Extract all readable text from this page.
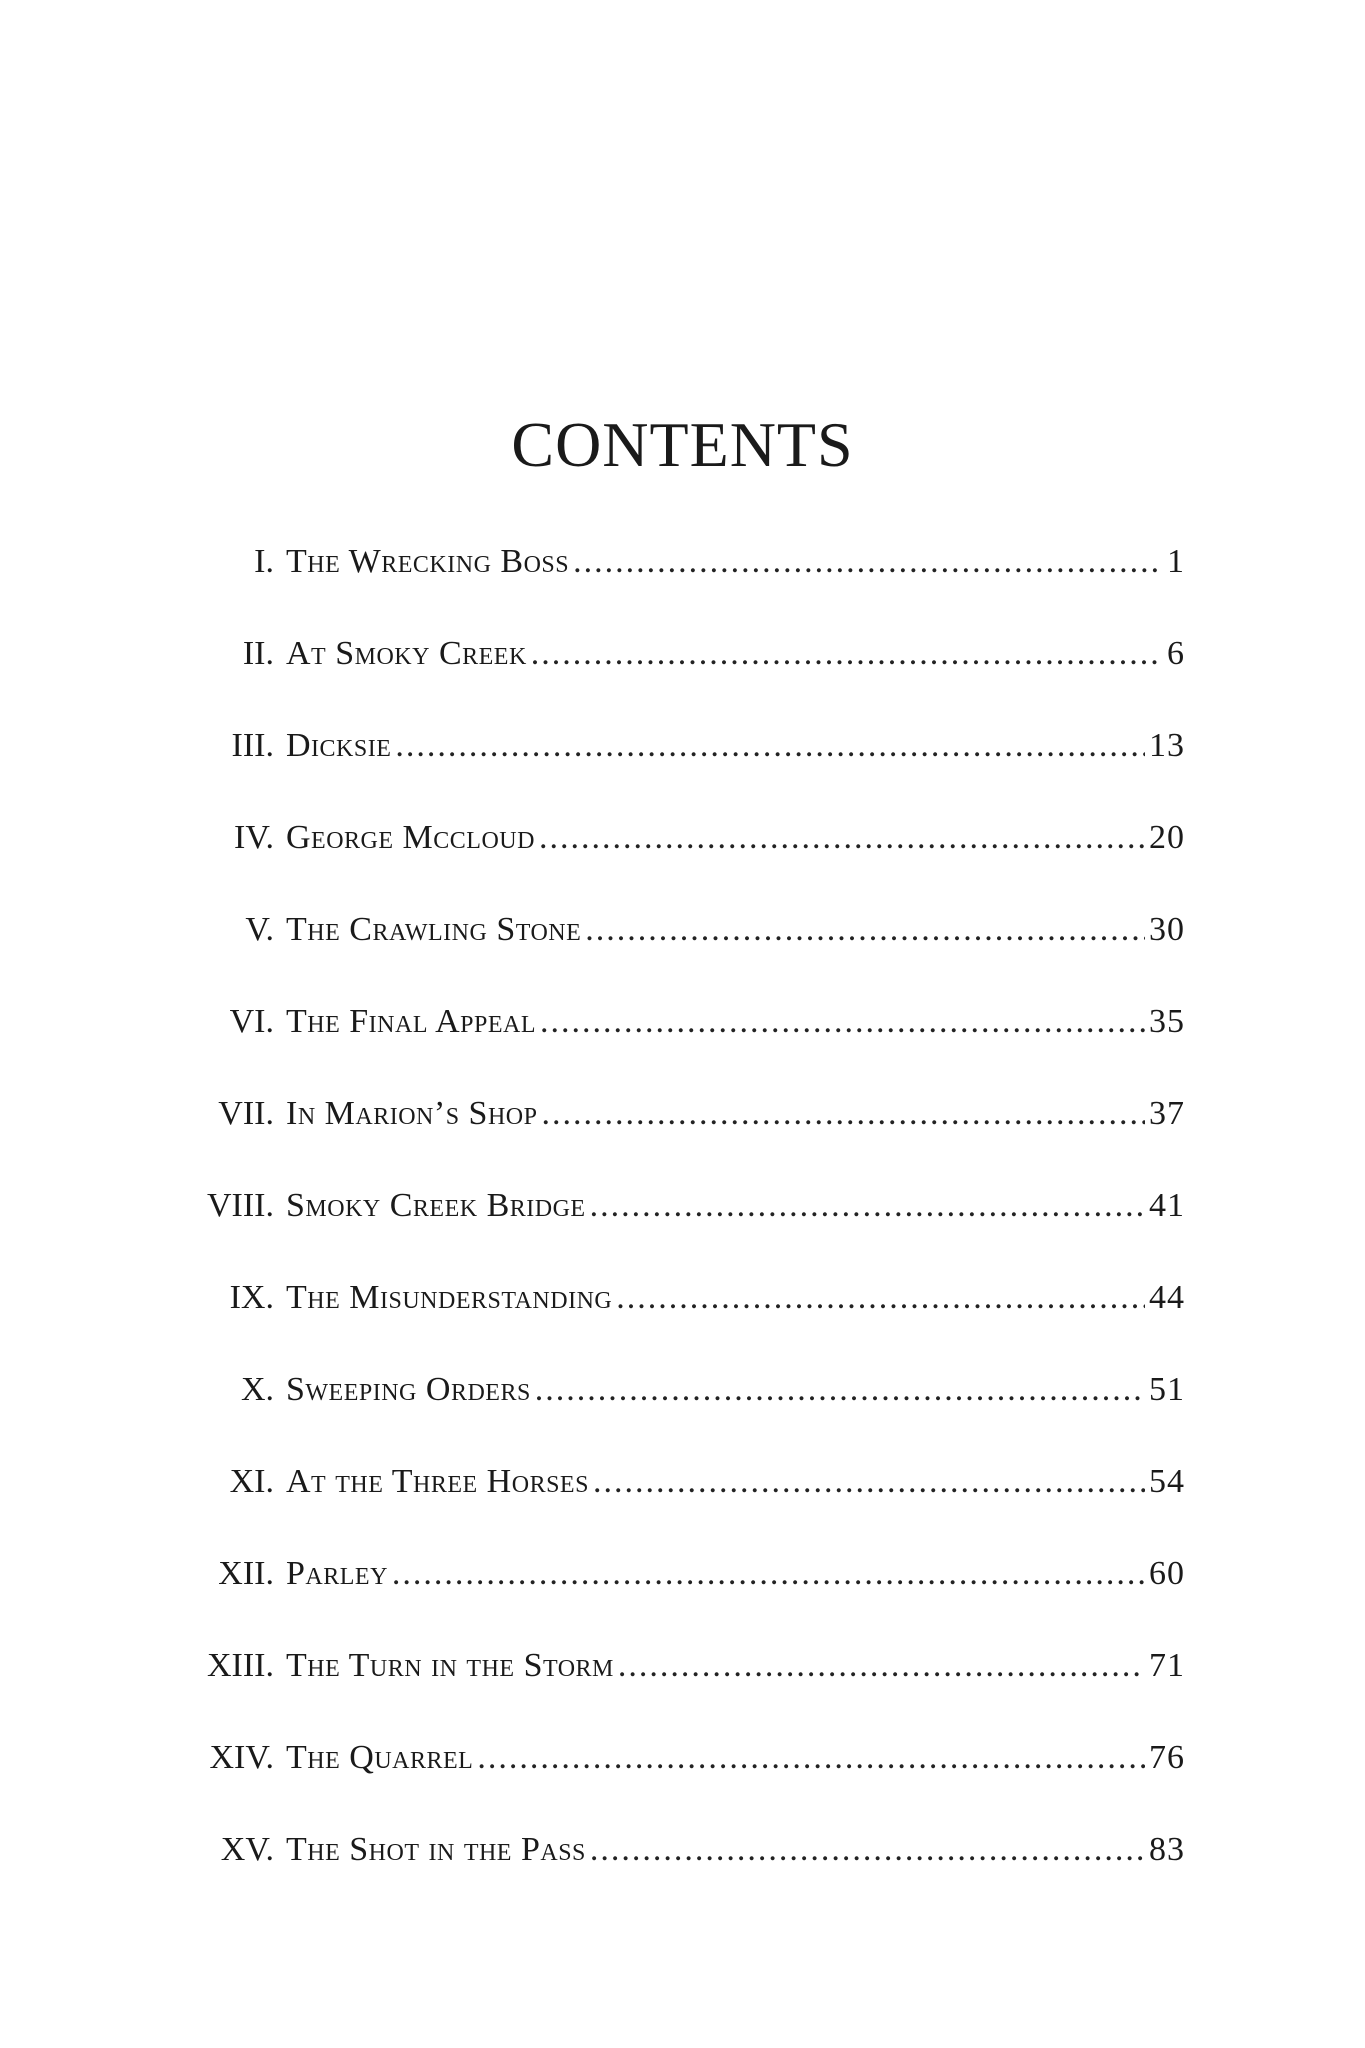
CONTENTS
I. The Wrecking Boss .....	1
II. At Smoky Creek .....	6
III. Dicksie .....	13
IV. George Mccloud .....	20
V. The Crawling Stone .....	30
VI. The Final Appeal .....	35
VII. In Marion’s Shop .....	37
VIII. Smoky Creek Bridge .....	41
IX. The Misunderstanding .....	44
X. Sweeping Orders .....	51
XI. At the Three Horses .....	54
XII. Parley .....	60
XIII. The Turn in the Storm .....	71
XIV. The Quarrel .....	76
XV. The Shot in the Pass .....	83
